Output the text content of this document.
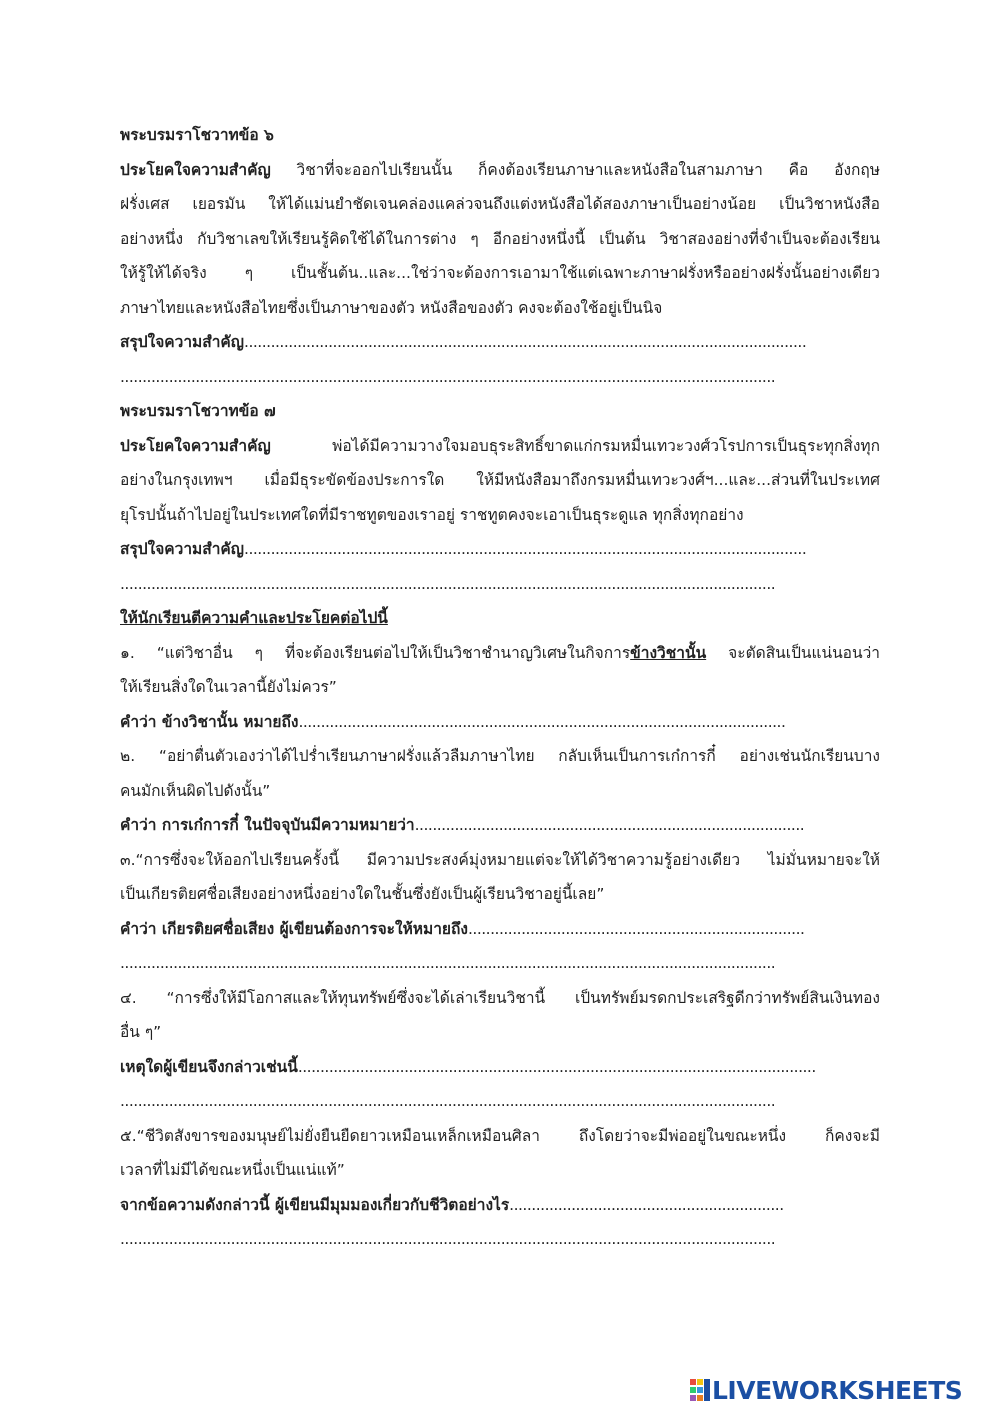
พระบรมราโชวาทข้อ ๖
ประโยคใจความสำคัญ วิชาที่จะออกไปเรียนนั้น ก็คงต้องเรียนภาษาและหนังสือในสามภาษา คือ อังกฤษ
ฝรั่งเศส เยอรมัน ให้ได้แม่นยำชัดเจนคล่องแคล่วจนถึงแต่งหนังสือได้สองภาษาเป็นอย่างน้อย เป็นวิชาหนังสือ
อย่างหนึ่ง กับวิชาเลขให้เรียนรู้คิดใช้ได้ในการต่าง ๆ อีกอย่างหนึ่งนี้ เป็นต้น วิชาสองอย่างที่จำเป็นจะต้องเรียน
ให้รู้ให้ได้จริง ๆ เป็นชั้นต้น..และ...ใช่ว่าจะต้องการเอามาใช้แต่เฉพาะภาษาฝรั่งหรืออย่างฝรั่งนั้นอย่างเดียว
ภาษาไทยและหนังสือไทยซึ่งเป็นภาษาของตัว หนังสือของตัว คงจะต้องใช้อยู่เป็นนิจ
สรุปใจความสำคัญ...............................................................................................................................
....................................................................................................................................................
พระบรมราโชวาทข้อ ๗
ประโยคใจความสำคัญ	พ่อได้มีความวางใจมอบธุระสิทธิ์ขาดแก่กรมหมื่นเทวะวงศ์วโรปการเป็นธุระทุกสิ่งทุก
อย่างในกรุงเทพฯ เมื่อมีธุระขัดข้องประการใด ให้มีหนังสือมาถึงกรมหมื่นเทวะวงศ์ฯ...และ...ส่วนที่ในประเทศ
ยุโรปนั้นถ้าไปอยู่ในประเทศใดที่มีราชทูตของเราอยู่ ราชทูตคงจะเอาเป็นธุระดูแล ทุกสิ่งทุกอย่าง
สรุปใจความสำคัญ...............................................................................................................................
....................................................................................................................................................
ให้นักเรียนตีความคำและประโยคต่อไปนี้
๑. “แต่วิชาอื่น ๆ ที่จะต้องเรียนต่อไปให้เป็นวิชาชำนาญวิเศษในกิจการข้างวิชานั้น จะตัดสินเป็นแน่นอนว่า
ให้เรียนสิ่งใดในเวลานี้ยังไม่ควร”
คำว่า ข้างวิชานั้น หมายถึง..............................................................................................................
๒. “อย่าตื่นตัวเองว่าได้ไปร่ำเรียนภาษาฝรั่งแล้วลืมภาษาไทย กลับเห็นเป็นการเก๋การกี๋ อย่างเช่นนักเรียนบาง
คนมักเห็นผิดไปดังนั้น”
คำว่า การเก๋การกี๋ ในปัจจุบันมีความหมายว่า........................................................................................
๓.“การซึ่งจะให้ออกไปเรียนครั้งนี้ มีความประสงค์มุ่งหมายแต่จะให้ได้วิชาความรู้อย่างเดียว ไม่มั่นหมายจะให้
เป็นเกียรติยศชื่อเสียงอย่างหนึ่งอย่างใดในชั้นซึ่งยังเป็นผู้เรียนวิชาอยู่นี้เลย”
คำว่า เกียรติยศชื่อเสียง ผู้เขียนต้องการจะให้หมายถึง............................................................................
....................................................................................................................................................
๔. “การซึ่งให้มีโอกาสและให้ทุนทรัพย์ซึ่งจะได้เล่าเรียนวิชานี้ เป็นทรัพย์มรดกประเสริฐดีกว่าทรัพย์สินเงินทอง
อื่น ๆ”
เหตุใดผู้เขียนจึงกล่าวเช่นนี้.....................................................................................................................
....................................................................................................................................................
๕.“ชีวิตสังขารของมนุษย์ไม่ยั่งยืนยืดยาวเหมือนเหล็กเหมือนศิลา ถึงโดยว่าจะมีพ่ออยู่ในขณะหนึ่ง ก็คงจะมี
เวลาที่ไม่มีได้ขณะหนึ่งเป็นแน่แท้”
จากข้อความดังกล่าวนี้ ผู้เขียนมีมุมมองเกี่ยวกับชีวิตอย่างไร..............................................................
....................................................................................................................................................
LIVEWORKSHEETS
